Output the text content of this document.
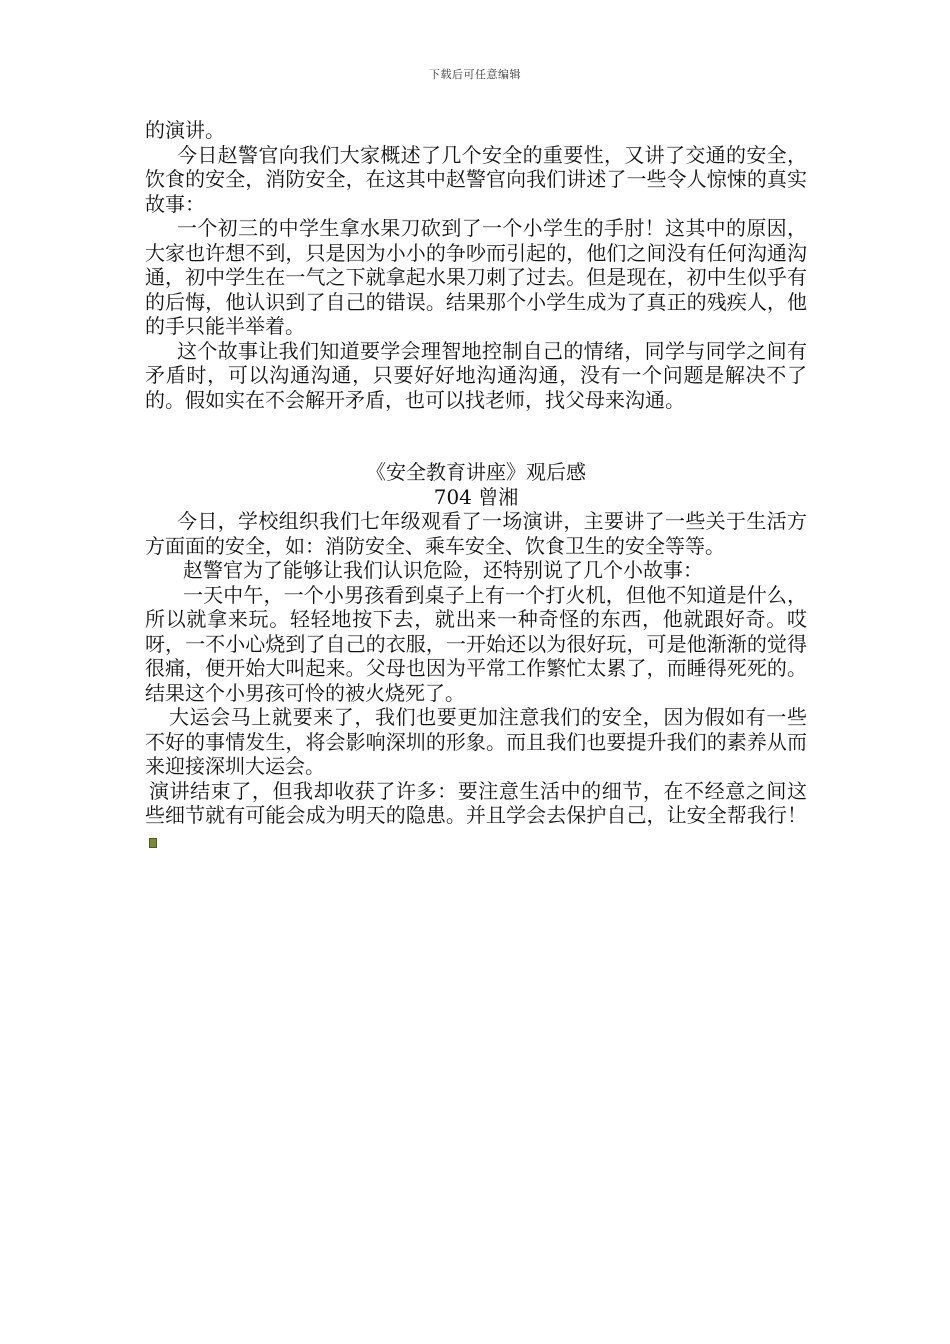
下载后可任意编辑

的演讲。

今日赵警官向我们大家概述了几个安全的重要性，又讲了交通的安全，饮食的安全，消防安全，在这其中赵警官向我们讲述了一些令人惊悚的真实故事：

一个初三的中学生拿水果刀砍到了一个小学生的手肘！这其中的原因，大家也许想不到，只是因为小小的争吵而引起的，他们之间没有任何沟通沟通，初中学生在一气之下就拿起水果刀刺了过去。但是现在，初中生似乎有的后悔，他认识到了自己的错误。结果那个小学生成为了真正的残疾人，他的手只能半举着。

这个故事让我们知道要学会理智地控制自己的情绪，同学与同学之间有矛盾时，可以沟通沟通，只要好好地沟通沟通，没有一个问题是解决不了的。假如实在不会解开矛盾，也可以找老师，找父母来沟通。

《安全教育讲座》观后感

704 曾湘

今日，学校组织我们七年级观看了一场演讲，主要讲了一些关于生活方方面面的安全，如：消防安全、乘车安全、饮食卫生的安全等等。

赵警官为了能够让我们认识危险，还特别说了几个小故事：

一天中午，一个小男孩看到桌子上有一个打火机，但他不知道是什么，所以就拿来玩。轻轻地按下去，就出来一种奇怪的东西，他就跟好奇。哎呀，一不小心烧到了自己的衣服，一开始还以为很好玩，可是他渐渐的觉得很痛，便开始大叫起来。父母也因为平常工作繁忙太累了，而睡得死死的。结果这个小男孩可怜的被火烧死了。

大运会马上就要来了，我们也要更加注意我们的安全，因为假如有一些不好的事情发生，将会影响深圳的形象。而且我们也要提升我们的素养从而来迎接深圳大运会。

演讲结束了，但我却收获了许多：要注意生活中的细节，在不经意之间这些细节就有可能会成为明天的隐患。并且学会去保护自己，让安全帮我行！
